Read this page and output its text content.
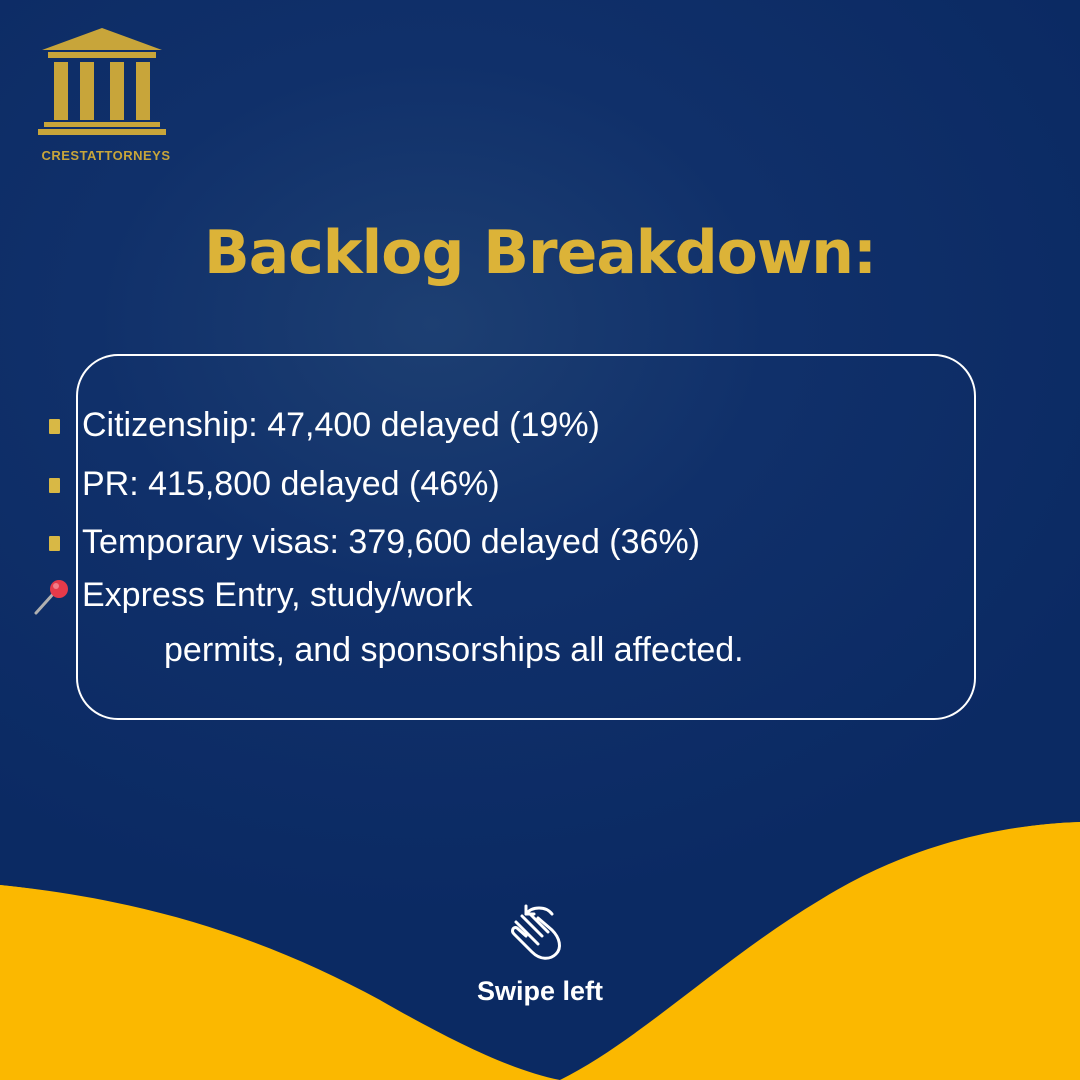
CRESTATTORNEYS
Backlog Breakdown:
Citizenship: 47,400 delayed (19%)
PR: 415,800 delayed (46%)
Temporary visas: 379,600 delayed (36%)
Express Entry, study/work
permits, and sponsorships all affected.
Swipe left
